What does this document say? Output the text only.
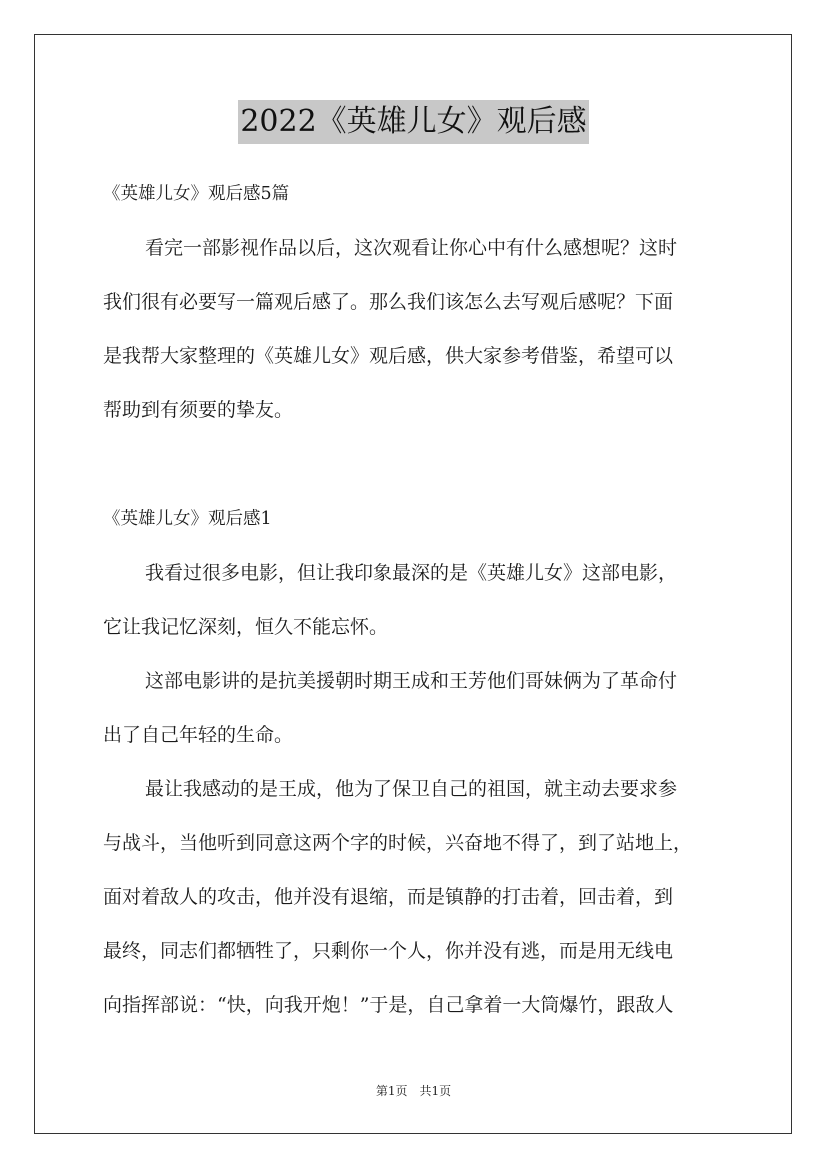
2022《英雄儿女》观后感
《英雄儿女》观后感5篇
看完一部影视作品以后，这次观看让你心中有什么感想呢？这时
我们很有必要写一篇观后感了。那么我们该怎么去写观后感呢？下面
是我帮大家整理的《英雄儿女》观后感，供大家参考借鉴，希望可以
帮助到有须要的挚友。
《英雄儿女》观后感1
我看过很多电影，但让我印象最深的是《英雄儿女》这部电影，
它让我记忆深刻，恒久不能忘怀。
这部电影讲的是抗美援朝时期王成和王芳他们哥妹俩为了革命付
出了自己年轻的生命。
最让我感动的是王成，他为了保卫自己的祖国，就主动去要求参
与战斗，当他听到同意这两个字的时候，兴奋地不得了，到了站地上，
面对着敌人的攻击，他并没有退缩，而是镇静的打击着，回击着，到
最终，同志们都牺牲了，只剩你一个人，你并没有逃，而是用无线电
向指挥部说：“快，向我开炮！”于是，自己拿着一大筒爆竹，跟敌人
第1页　共1页
